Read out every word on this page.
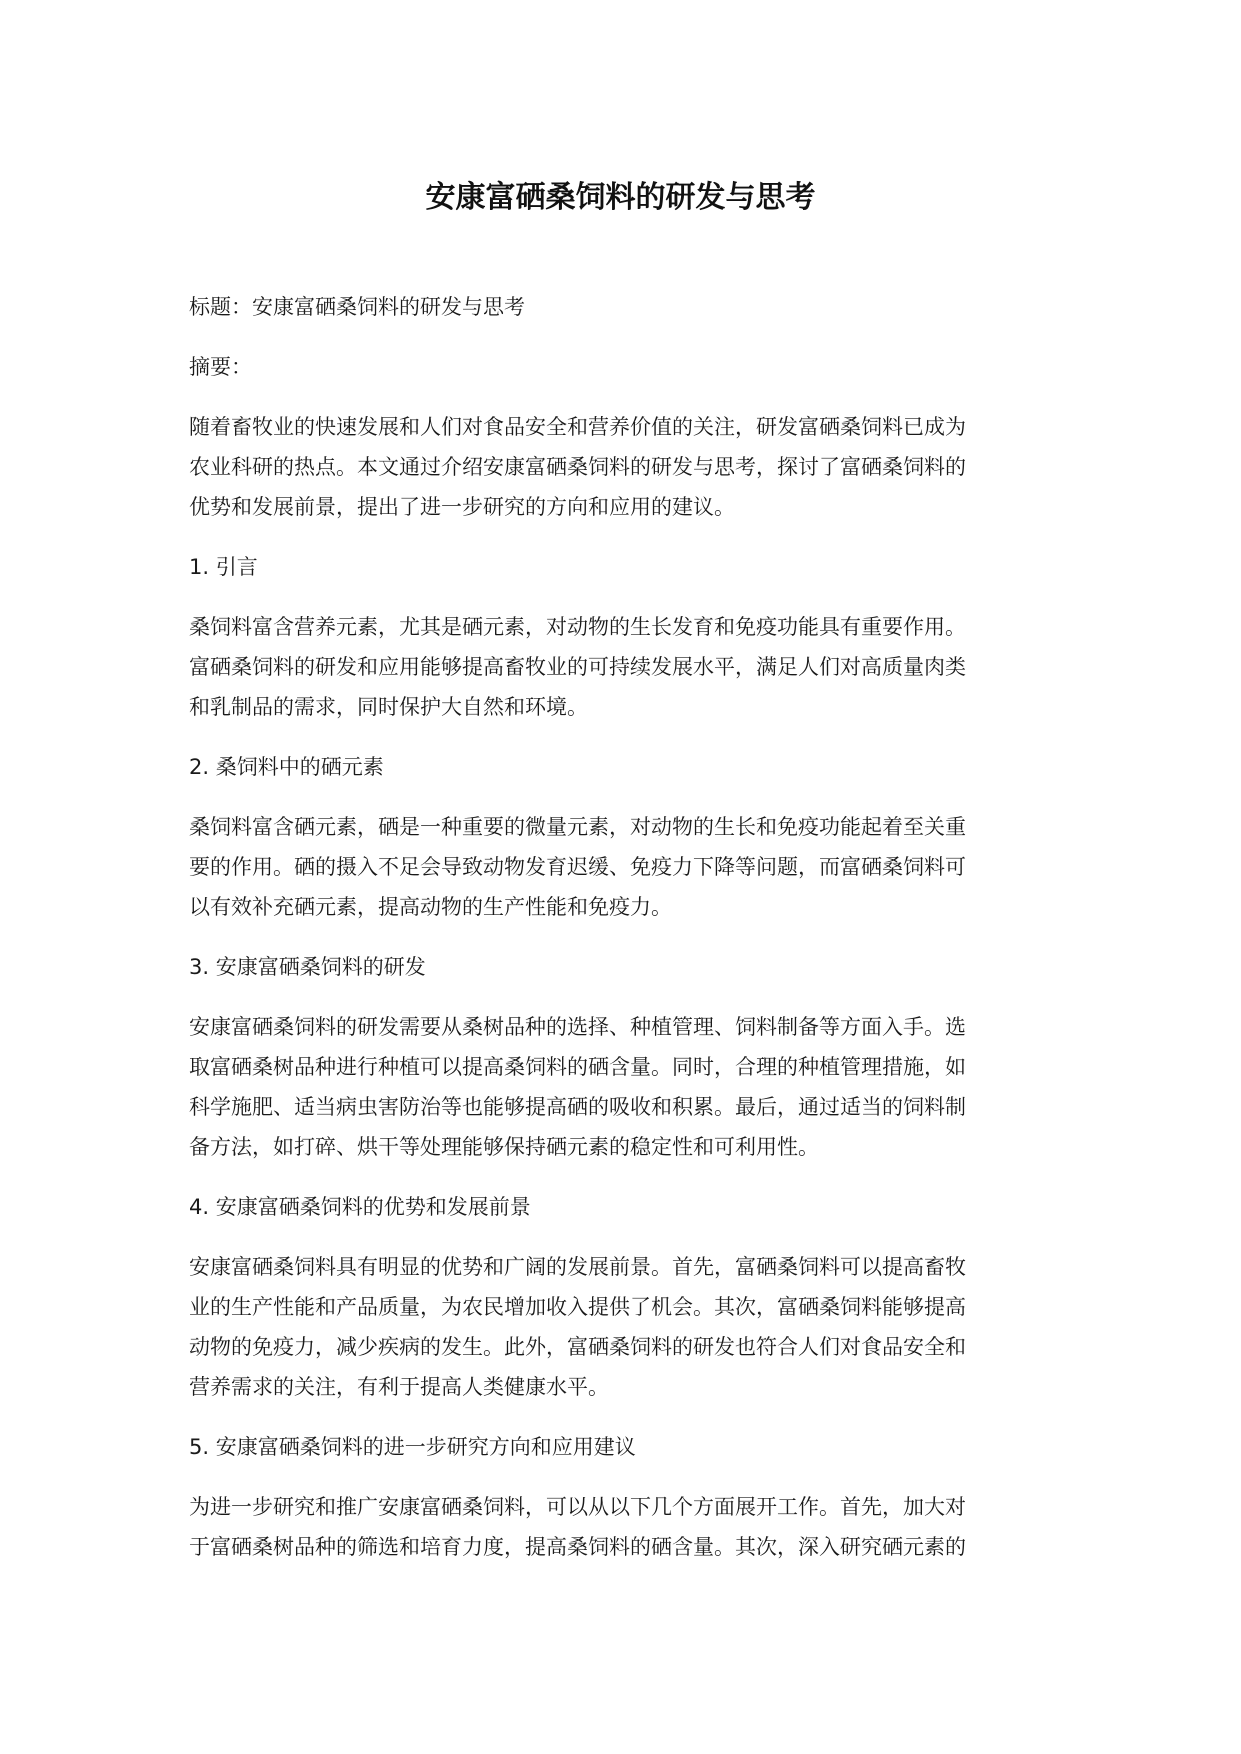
安康富硒桑饲料的研发与思考

标题：安康富硒桑饲料的研发与思考

摘要：

随着畜牧业的快速发展和人们对食品安全和营养价值的关注，研发富硒桑饲料已成为

农业科研的热点。本文通过介绍安康富硒桑饲料的研发与思考，探讨了富硒桑饲料的

优势和发展前景，提出了进一步研究的方向和应用的建议。

1. 引言

桑饲料富含营养元素，尤其是硒元素，对动物的生长发育和免疫功能具有重要作用。

富硒桑饲料的研发和应用能够提高畜牧业的可持续发展水平，满足人们对高质量肉类

和乳制品的需求，同时保护大自然和环境。

2. 桑饲料中的硒元素

桑饲料富含硒元素，硒是一种重要的微量元素，对动物的生长和免疫功能起着至关重

要的作用。硒的摄入不足会导致动物发育迟缓、免疫力下降等问题，而富硒桑饲料可

以有效补充硒元素，提高动物的生产性能和免疫力。

3. 安康富硒桑饲料的研发

安康富硒桑饲料的研发需要从桑树品种的选择、种植管理、饲料制备等方面入手。选

取富硒桑树品种进行种植可以提高桑饲料的硒含量。同时，合理的种植管理措施，如

科学施肥、适当病虫害防治等也能够提高硒的吸收和积累。最后，通过适当的饲料制

备方法，如打碎、烘干等处理能够保持硒元素的稳定性和可利用性。

4. 安康富硒桑饲料的优势和发展前景

安康富硒桑饲料具有明显的优势和广阔的发展前景。首先，富硒桑饲料可以提高畜牧

业的生产性能和产品质量，为农民增加收入提供了机会。其次，富硒桑饲料能够提高

动物的免疫力，减少疾病的发生。此外，富硒桑饲料的研发也符合人们对食品安全和

营养需求的关注，有利于提高人类健康水平。

5. 安康富硒桑饲料的进一步研究方向和应用建议

为进一步研究和推广安康富硒桑饲料，可以从以下几个方面展开工作。首先，加大对

于富硒桑树品种的筛选和培育力度，提高桑饲料的硒含量。其次，深入研究硒元素的
